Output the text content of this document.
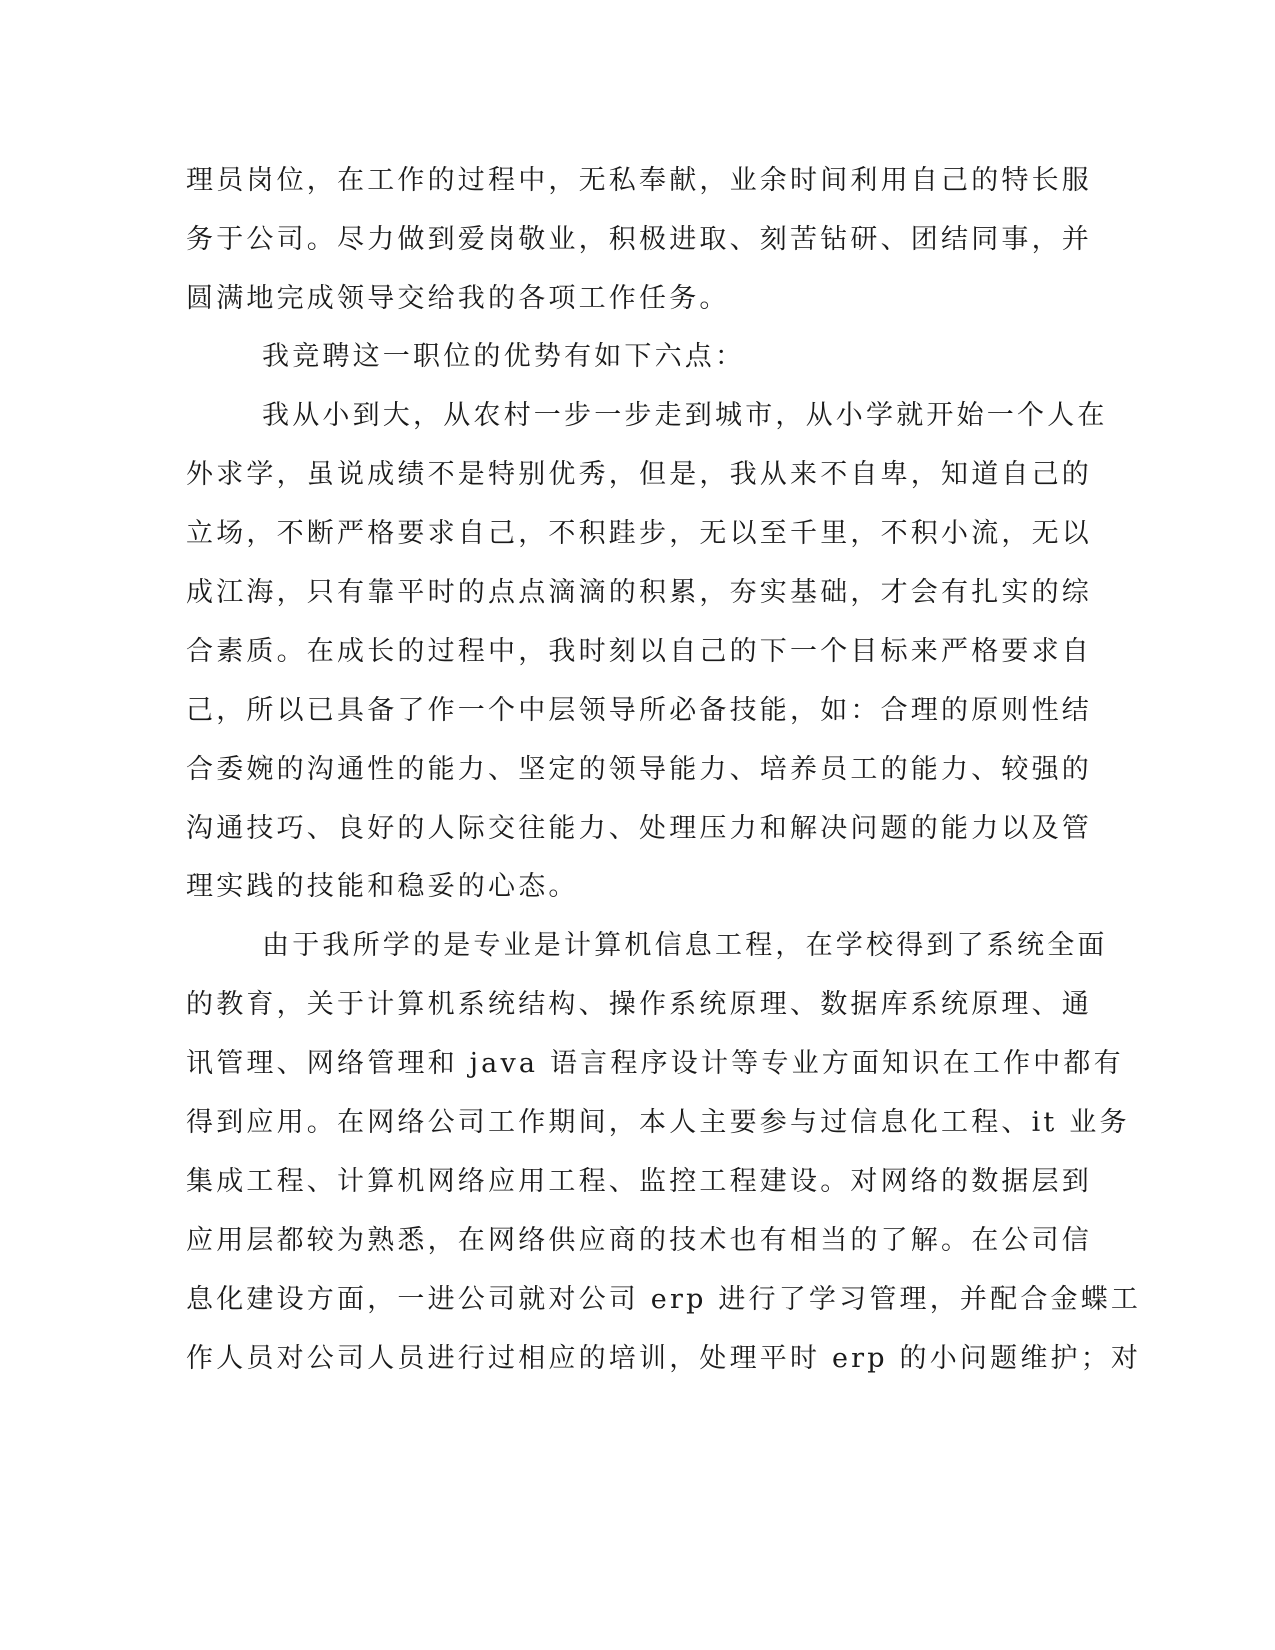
理员岗位，在工作的过程中，无私奉献，业余时间利用自己的特长服
务于公司。尽力做到爱岗敬业，积极进取、刻苦钻研、团结同事，并
圆满地完成领导交给我的各项工作任务。
我竞聘这一职位的优势有如下六点：
我从小到大，从农村一步一步走到城市，从小学就开始一个人在
外求学，虽说成绩不是特别优秀，但是，我从来不自卑，知道自己的
立场，不断严格要求自己，不积跬步，无以至千里，不积小流，无以
成江海，只有靠平时的点点滴滴的积累，夯实基础，才会有扎实的综
合素质。在成长的过程中，我时刻以自己的下一个目标来严格要求自
己，所以已具备了作一个中层领导所必备技能，如：合理的原则性结
合委婉的沟通性的能力、坚定的领导能力、培养员工的能力、较强的
沟通技巧、良好的人际交往能力、处理压力和解决问题的能力以及管
理实践的技能和稳妥的心态。
由于我所学的是专业是计算机信息工程，在学校得到了系统全面
的教育，关于计算机系统结构、操作系统原理、数据库系统原理、通
讯管理、网络管理和 java 语言程序设计等专业方面知识在工作中都有
得到应用。在网络公司工作期间，本人主要参与过信息化工程、it 业务
集成工程、计算机网络应用工程、监控工程建设。对网络的数据层到
应用层都较为熟悉，在网络供应商的技术也有相当的了解。在公司信
息化建设方面，一进公司就对公司 erp 进行了学习管理，并配合金蝶工
作人员对公司人员进行过相应的培训，处理平时 erp 的小问题维护；对
